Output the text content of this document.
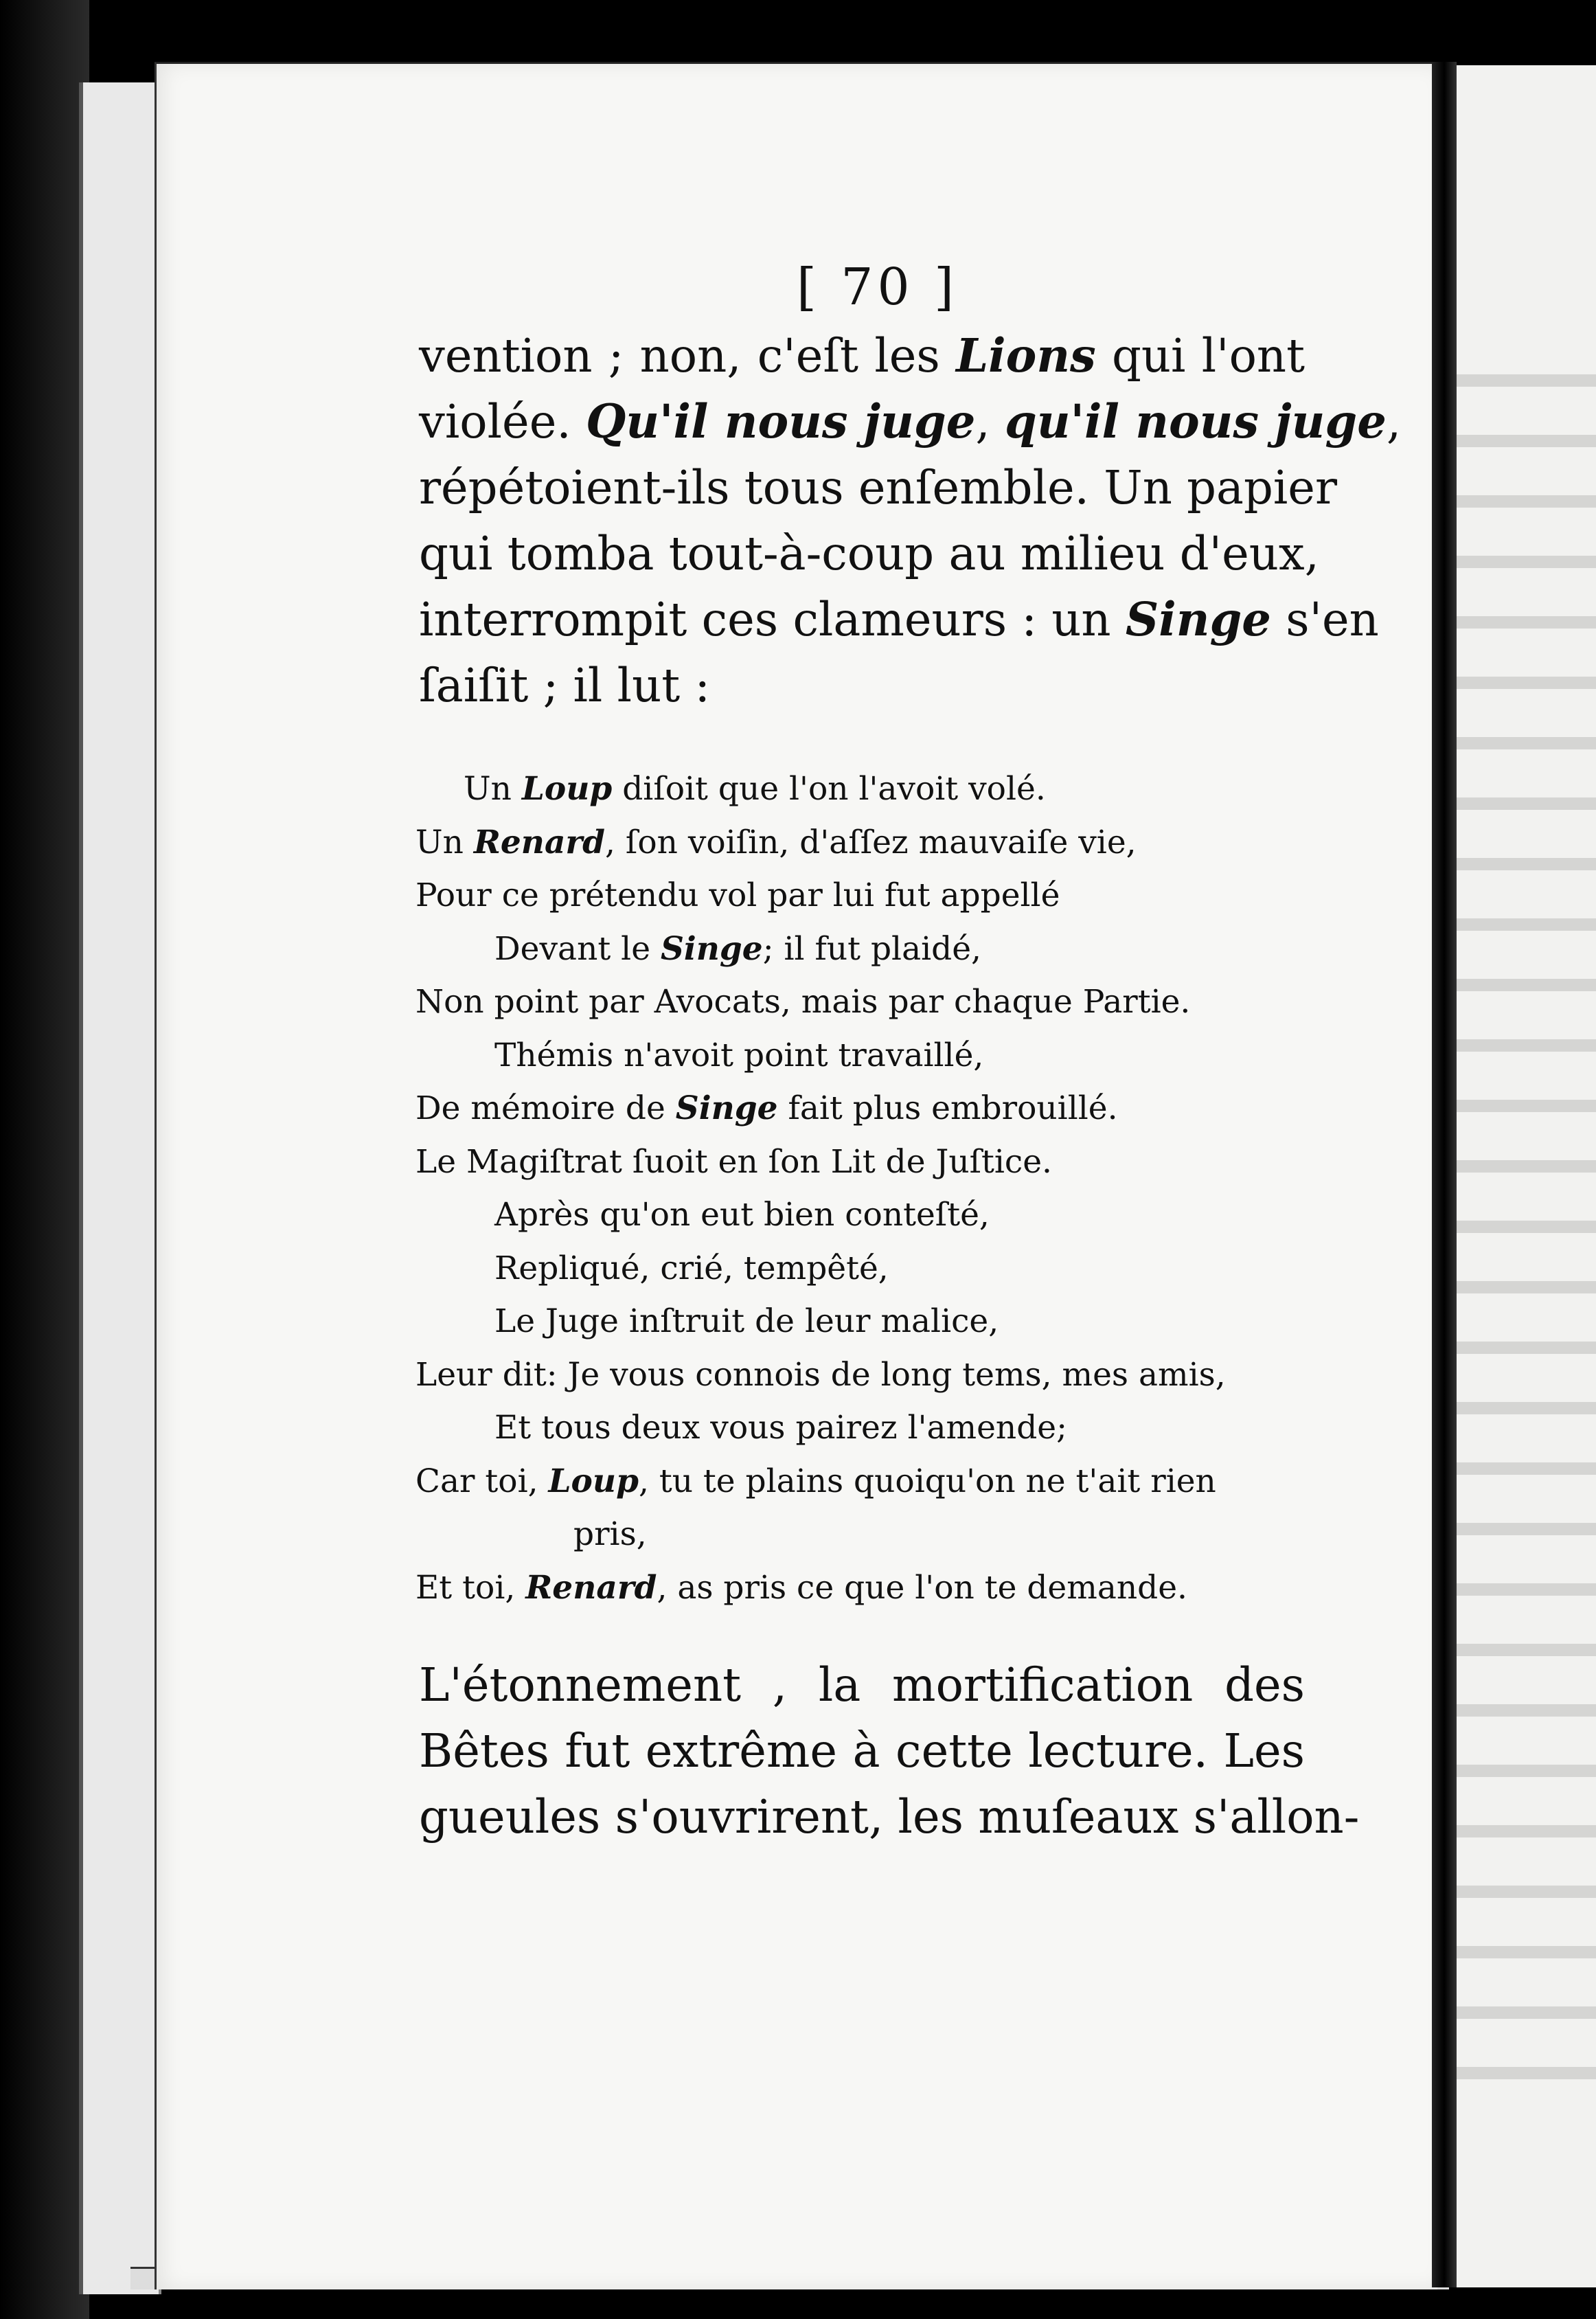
[ 70 ]
vention ; non, c'eſt les Lions qui l'ont
violée. Qu'il nous juge, qu'il nous juge,
répétoient-ils tous enſemble. Un papier
qui tomba tout-à-coup au milieu d'eux,
interrompit ces clameurs : un Singe s'en
ſaiſit ; il lut :
Un Loup diſoit que l'on l'avoit volé.
Un Renard, ſon voiſin, d'aſſez mauvaiſe vie,
Pour ce prétendu vol par lui fut appellé
Devant le Singe; il fut plaidé,
Non point par Avocats, mais par chaque Partie.
Thémis n'avoit point travaillé,
De mémoire de Singe fait plus embrouillé.
Le Magiſtrat ſuoit en ſon Lit de Juſtice.
Après qu'on eut bien conteſté,
Repliqué, crié, tempêté,
Le Juge inſtruit de leur malice,
Leur dit: Je vous connois de long tems, mes amis,
Et tous deux vous pairez l'amende;
Car toi, Loup, tu te plains quoiqu'on ne t'ait rien
pris,
Et toi, Renard, as pris ce que l'on te demande.
L'étonnement , la mortification des
Bêtes fut extrême à cette lecture. Les
gueules s'ouvrirent, les muſeaux s'allon-
